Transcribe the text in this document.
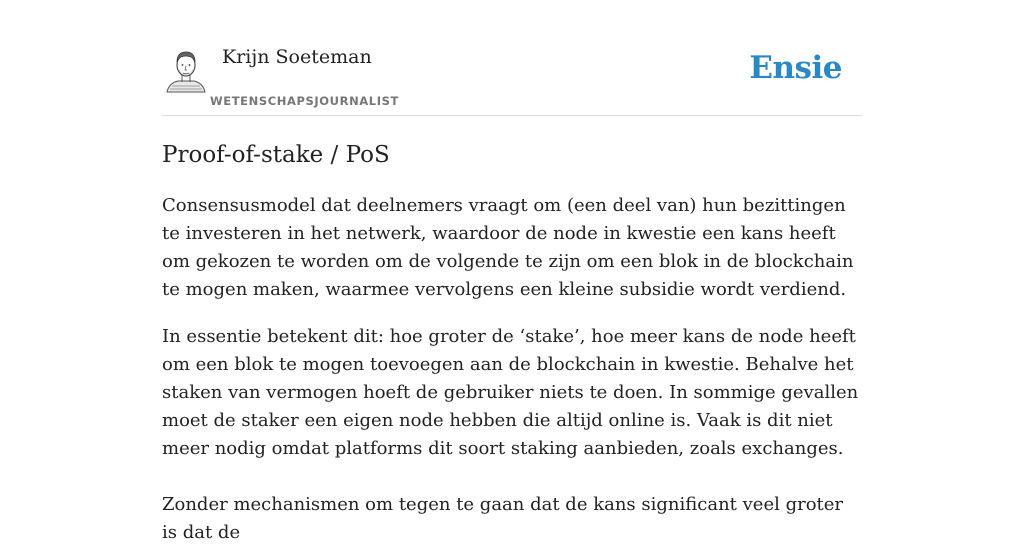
Krijn Soeteman
WETENSCHAPSJOURNALIST
Ensie
Proof-of-stake / PoS

Consensusmodel dat deelnemers vraagt om (een deel van) hun bezittingen te investeren in het netwerk, waardoor de node in kwestie een kans heeft om gekozen te worden om de volgende te zijn om een blok in de blockchain te mogen maken, waarmee vervolgens een kleine subsidie wordt verdiend.

In essentie betekent dit: hoe groter de ‘stake’, hoe meer kans de node heeft om een blok te mogen toevoegen aan de blockchain in kwestie. Behalve het staken van vermogen hoeft de gebruiker niets te doen. In sommige gevallen moet de staker een eigen node hebben die altijd online is. Vaak is dit niet meer nodig omdat platforms dit soort staking aanbieden, zoals exchanges.

Zonder mechanismen om tegen te gaan dat de kans significant veel groter is dat de
